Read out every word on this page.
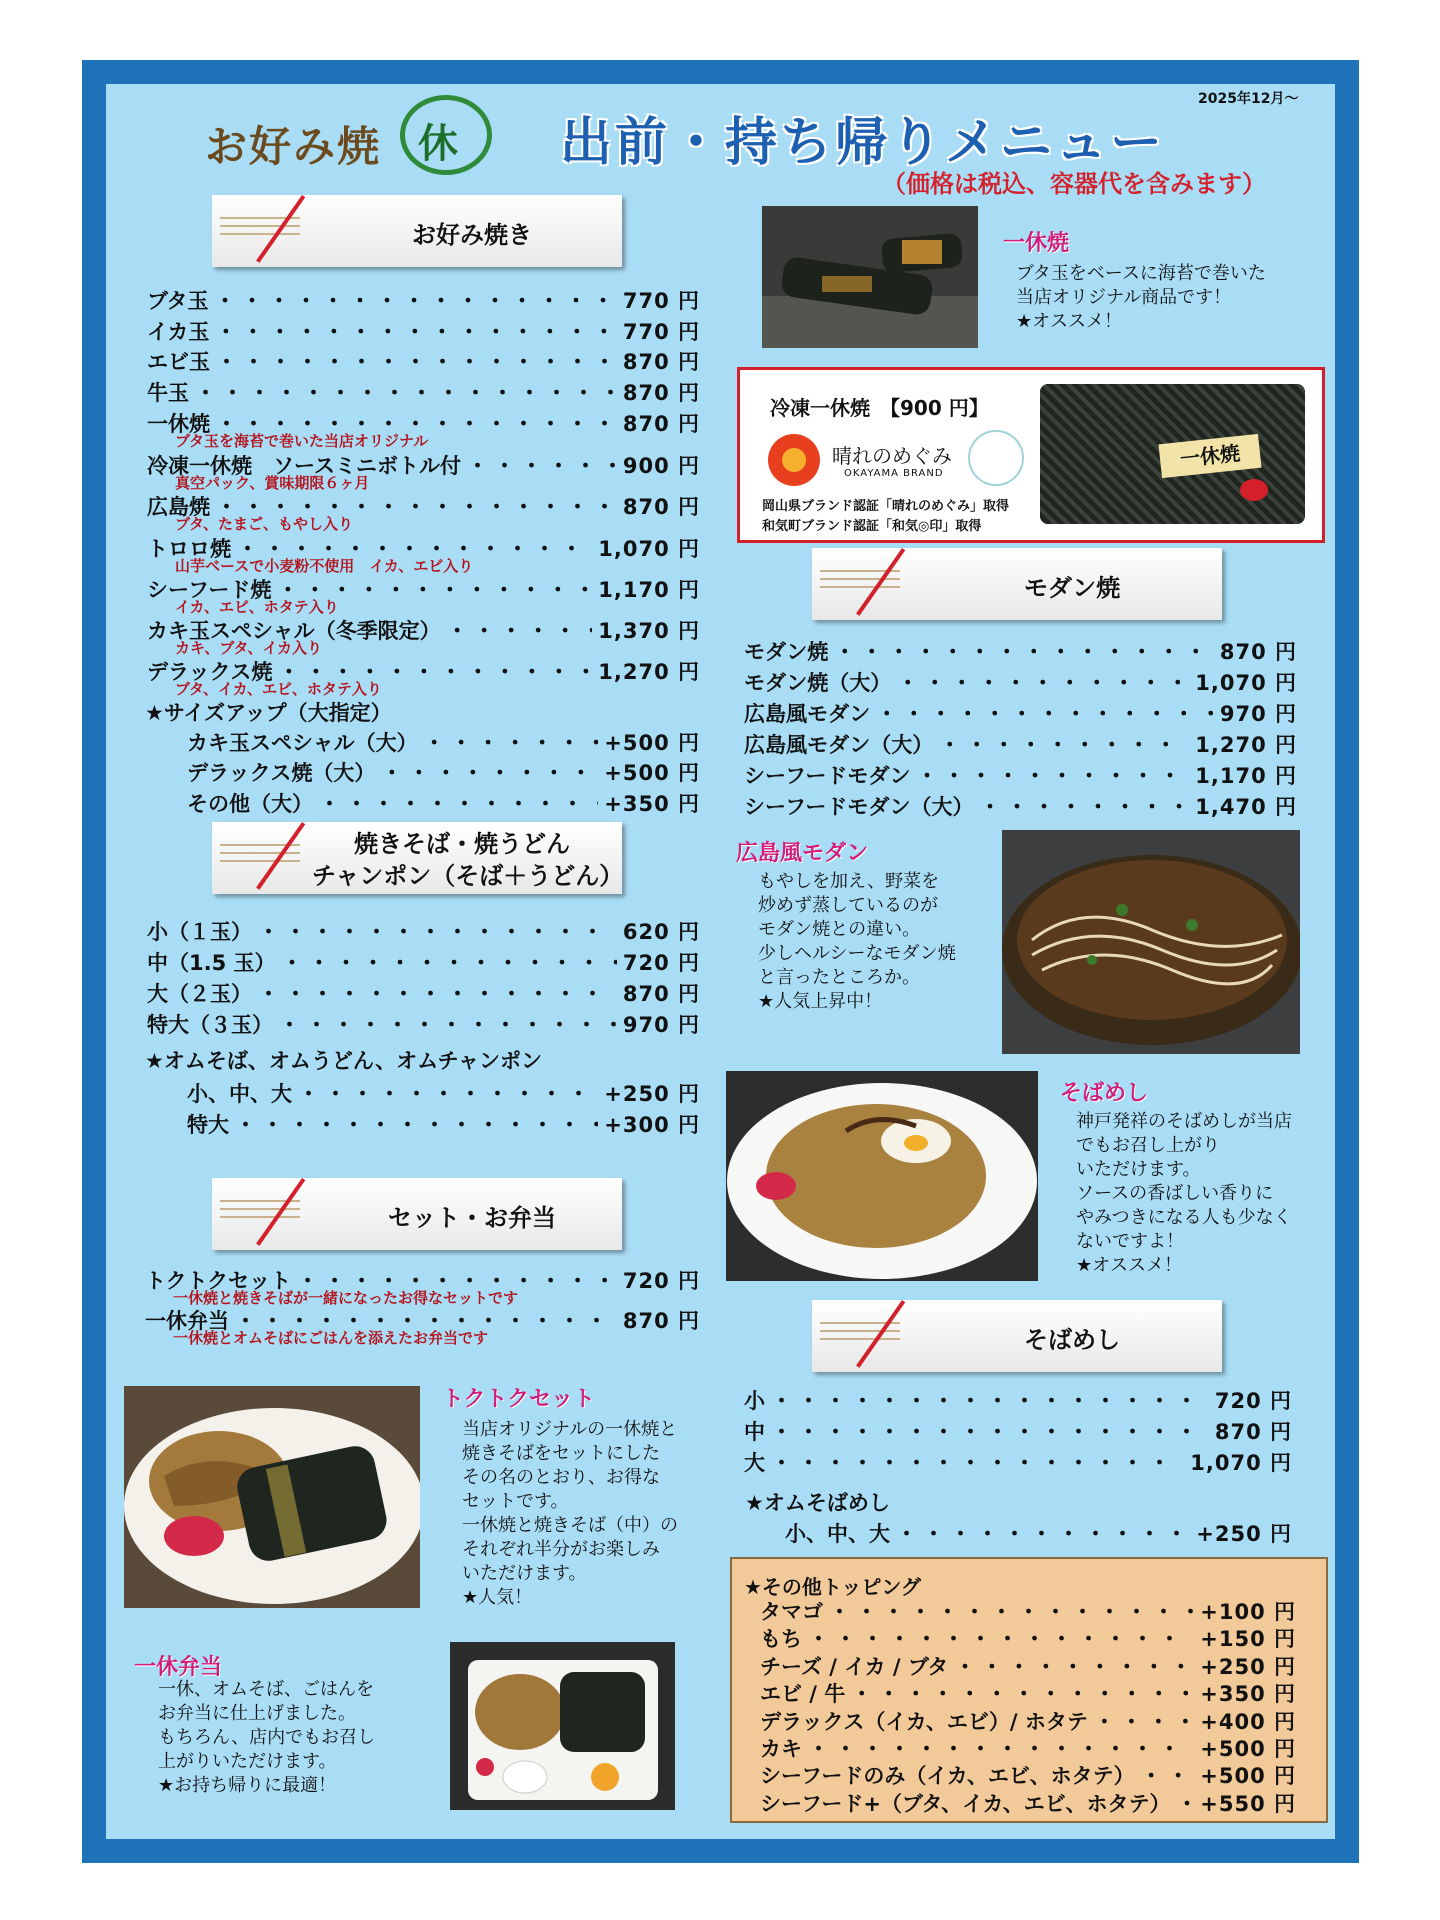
2025年12月～
お好み焼 休 出前・持ち帰りメニュー
（価格は税込、容器代を含みます）
お好み焼き
ブタ玉 ・・・・・・・・・・・・・・・・・・・・・・・・・・・・・・・・・・・・・・	770 円
イカ玉 ・・・・・・・・・・・・・・・・・・・・・・・・・・・・・・・・・・・・・・	770 円
エビ玉 ・・・・・・・・・・・・・・・・・・・・・・・・・・・・・・・・・・・・・・	870 円
牛玉 ・・・・・・・・・・・・・・・・・・・・・・・・・・・・・・・・・・・・・・	870 円
一休焼 ・・・・・・・・・・・・・・・・・・・・・・・・・・・・・・・・・・・・・・	870 円
ブタ玉を海苔で巻いた当店オリジナル
冷凍一休焼　ソースミニボトル付 ・・・・・・・・・・・・・・・・・・・・・・・・・・・・・・・・・・・・・・	900 円
真空パック、賞味期限６ヶ月
広島焼 ・・・・・・・・・・・・・・・・・・・・・・・・・・・・・・・・・・・・・・	870 円
ブタ、たまご、もやし入り
トロロ焼 ・・・・・・・・・・・・・・・・・・・・・・・・・・・・・・・・・・・・・・	1,070 円
山芋ベースで小麦粉不使用　イカ、エビ入り
シーフード焼 ・・・・・・・・・・・・・・・・・・・・・・・・・・・・・・・・・・・・・・	1,170 円
イカ、エビ、ホタテ入り
カキ玉スペシャル（冬季限定） ・・・・・・・・・・・・・・・・・・・・・・・・・・・・・・・・・・・・・・	1,370 円
カキ、ブタ、イカ入り
デラックス焼 ・・・・・・・・・・・・・・・・・・・・・・・・・・・・・・・・・・・・・・	1,270 円
ブタ、イカ、エビ、ホタテ入り
★サイズアップ（大指定）
カキ玉スペシャル（大） ・・・・・・・・・・・・・・・・・・・・・・・・・・・・・・・・・・・・・・	+500 円
デラックス焼（大） ・・・・・・・・・・・・・・・・・・・・・・・・・・・・・・・・・・・・・・	+500 円
その他（大） ・・・・・・・・・・・・・・・・・・・・・・・・・・・・・・・・・・・・・・	+350 円
焼きそば・焼うどん
チャンポン（そば＋うどん）
小（１玉） ・・・・・・・・・・・・・・・・・・・・・・・・・・・・・・・・・・・・・・	620 円
中（1.5 玉） ・・・・・・・・・・・・・・・・・・・・・・・・・・・・・・・・・・・・・・	720 円
大（２玉） ・・・・・・・・・・・・・・・・・・・・・・・・・・・・・・・・・・・・・・	870 円
特大（３玉） ・・・・・・・・・・・・・・・・・・・・・・・・・・・・・・・・・・・・・・	970 円
★オムそば、オムうどん、オムチャンポン
小、中、大 ・・・・・・・・・・・・・・・・・・・・・・・・・・・・・・・・・・・・・・	+250 円
特大 ・・・・・・・・・・・・・・・・・・・・・・・・・・・・・・・・・・・・・・	+300 円
セット・お弁当
トクトクセット ・・・・・・・・・・・・・・・・・・・・・・・・・・・・・・・・・・・・・・	720 円
一休焼と焼きそばが一緒になったお得なセットです
一休弁当 ・・・・・・・・・・・・・・・・・・・・・・・・・・・・・・・・・・・・・・	870 円
一休焼とオムそばにごはんを添えたお弁当です
トクトクセット
当店オリジナルの一休焼と
焼きそばをセットにした
その名のとおり、お得な
セットです。
一休焼と焼きそば（中）の
それぞれ半分がお楽しみ
いただけます。
★人気！
一休弁当
一休、オムそば、ごはんを
お弁当に仕上げました。
もちろん、店内でもお召し
上がりいただけます。
★お持ち帰りに最適！
一休焼
ブタ玉をベースに海苔で巻いた
当店オリジナル商品です！
★オススメ！
冷凍一休焼　【900 円】
晴れのめぐみ
OKAYAMA BRAND
岡山県ブランド認証「晴れのめぐみ」取得
和気町ブランド認証「和気◎印」取得
一休焼
モダン焼
モダン焼 ・・・・・・・・・・・・・・・・・・・・・・・・・・・・・・・・・・・・・・	870 円
モダン焼（大） ・・・・・・・・・・・・・・・・・・・・・・・・・・・・・・・・・・・・・・	1,070 円
広島風モダン ・・・・・・・・・・・・・・・・・・・・・・・・・・・・・・・・・・・・・・	970 円
広島風モダン（大） ・・・・・・・・・・・・・・・・・・・・・・・・・・・・・・・・・・・・・・	1,270 円
シーフードモダン ・・・・・・・・・・・・・・・・・・・・・・・・・・・・・・・・・・・・・・	1,170 円
シーフードモダン（大） ・・・・・・・・・・・・・・・・・・・・・・・・・・・・・・・・・・・・・・	1,470 円
広島風モダン
もやしを加え、野菜を
炒めず蒸しているのが
モダン焼との違い。
少しヘルシーなモダン焼
と言ったところか。
★人気上昇中！
そばめし
神戸発祥のそばめしが当店
でもお召し上がり
いただけます。
ソースの香ばしい香りに
やみつきになる人も少なく
ないですよ！
★オススメ！
そばめし
小 ・・・・・・・・・・・・・・・・・・・・・・・・・・・・・・・・・・・・・・	720 円
中 ・・・・・・・・・・・・・・・・・・・・・・・・・・・・・・・・・・・・・・	870 円
大 ・・・・・・・・・・・・・・・・・・・・・・・・・・・・・・・・・・・・・・	1,070 円
★オムそばめし
小、中、大 ・・・・・・・・・・・・・・・・・・・・・・・・・・・・・・・・・・・・・・	+250 円
★その他トッピング
タマゴ ・・・・・・・・・・・・・・・・・・・・・・・・・・・・・・・・・・・・・・	+100 円
もち ・・・・・・・・・・・・・・・・・・・・・・・・・・・・・・・・・・・・・・	+150 円
チーズ / イカ / ブタ ・・・・・・・・・・・・・・・・・・・・・・・・・・・・・・・・・・・・・・	+250 円
エビ / 牛 ・・・・・・・・・・・・・・・・・・・・・・・・・・・・・・・・・・・・・・	+350 円
デラックス（イカ、エビ）/ ホタテ ・・・・・・・・・・・・・・・・・・・・・・・・・・・・・・・・・・・・・・	+400 円
カキ ・・・・・・・・・・・・・・・・・・・・・・・・・・・・・・・・・・・・・・	+500 円
シーフードのみ（イカ、エビ、ホタテ） ・・・・・・・・・・・・・・・・・・・・・・・・・・・・・・・・・・・・・・	+500 円
シーフード+（ブタ、イカ、エビ、ホタテ） ・・・・・・・・・・・・・・・・・・・・・・・・・・・・・・・・・・・・・・ +550 円
